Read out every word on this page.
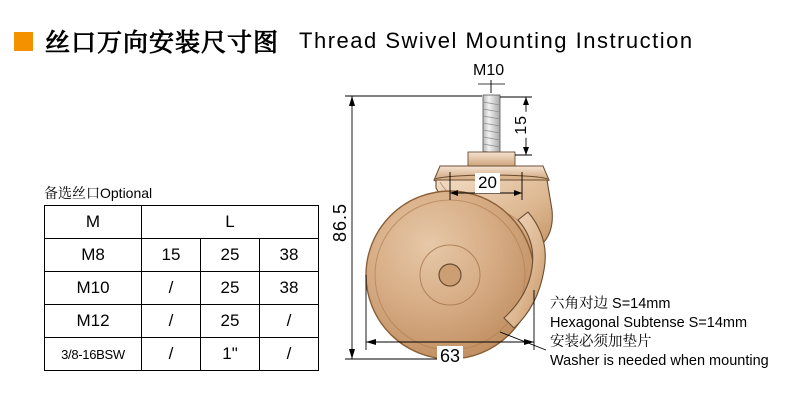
丝口万向安装尺寸图 Thread Swivel Mounting Instruction
备选丝口Optional
M	L		
M8	15	25	38
M10	/	25	38
M12	/	25	/
3/8-16BSW	/	1"	/
M10
15
20
86.5
63
六角对边 S=14mm
Hexagonal Subtense S=14mm
安装必须加垫片
Washer is needed when mounting
